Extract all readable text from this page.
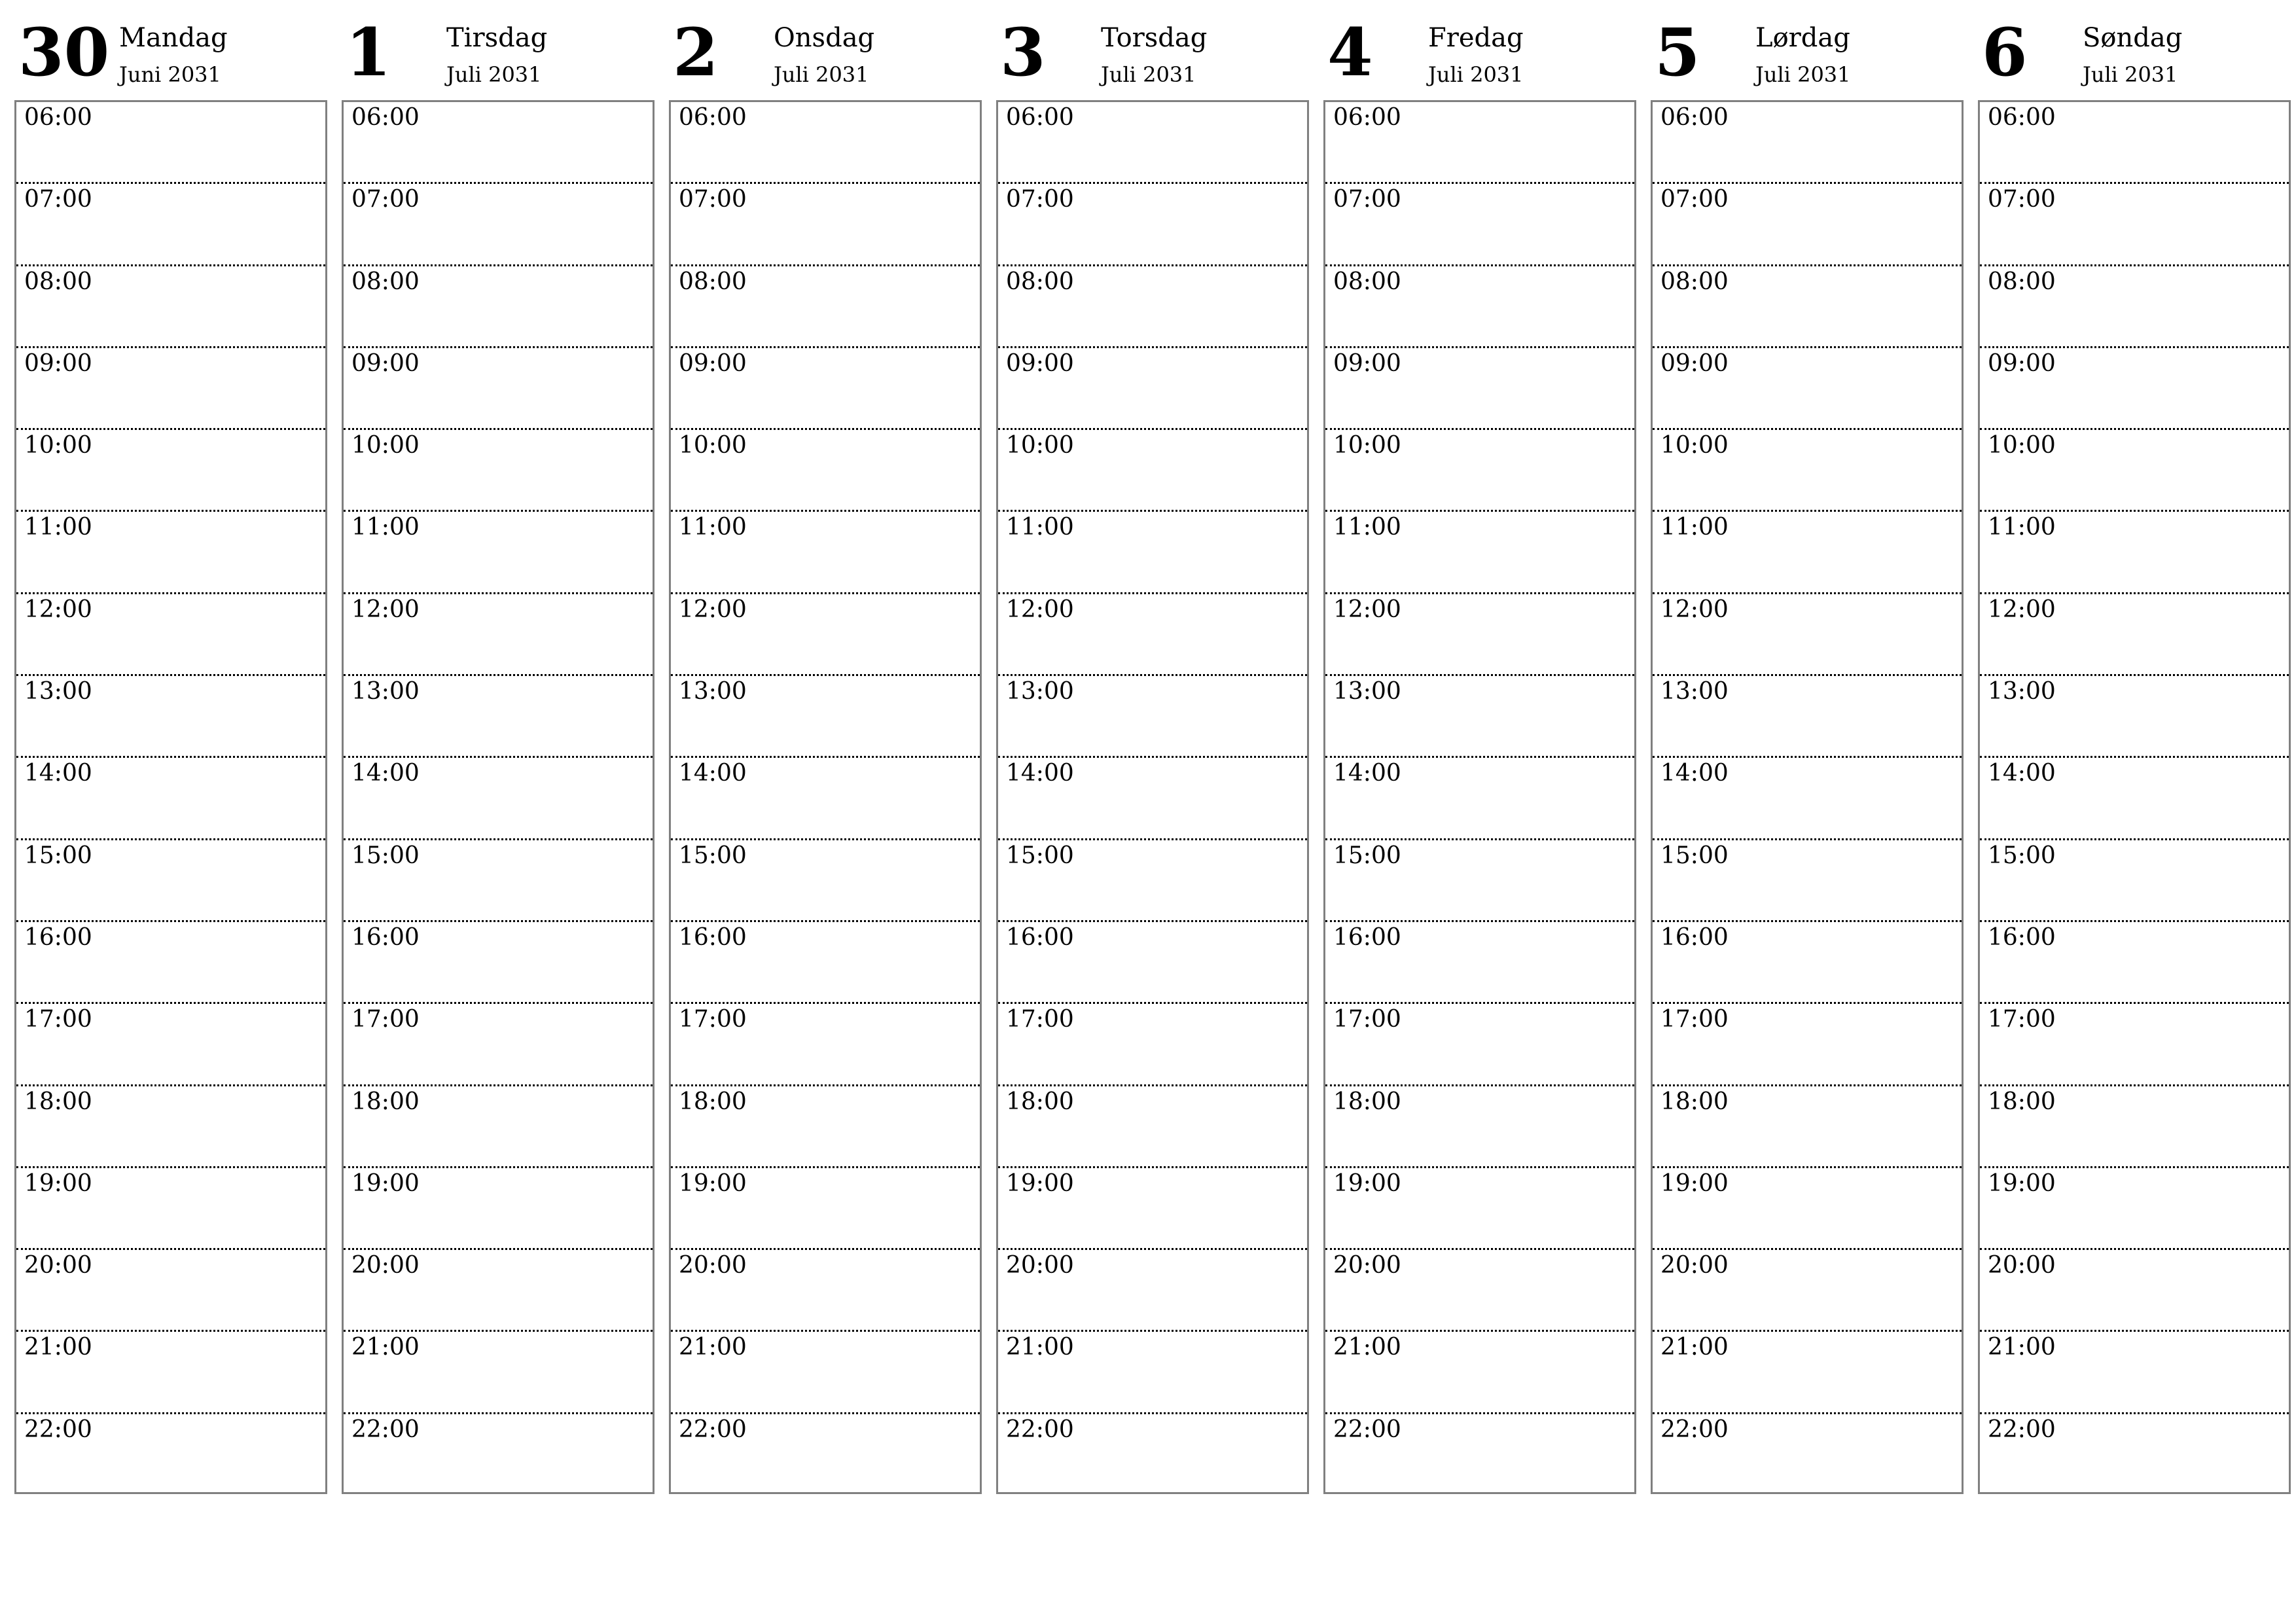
30 Mandag
Juni 2031
06:00
07:00
08:00
09:00
10:00
11:00
12:00
13:00
14:00
15:00
16:00
17:00
18:00
19:00
20:00
21:00
22:00
1 Tirsdag
Juli 2031
06:00
07:00
08:00
09:00
10:00
11:00
12:00
13:00
14:00
15:00
16:00
17:00
18:00
19:00
20:00
21:00
22:00
2 Onsdag
Juli 2031
06:00
07:00
08:00
09:00
10:00
11:00
12:00
13:00
14:00
15:00
16:00
17:00
18:00
19:00
20:00
21:00
22:00
3 Torsdag
Juli 2031
06:00
07:00
08:00
09:00
10:00
11:00
12:00
13:00
14:00
15:00
16:00
17:00
18:00
19:00
20:00
21:00
22:00
4 Fredag
Juli 2031
06:00
07:00
08:00
09:00
10:00
11:00
12:00
13:00
14:00
15:00
16:00
17:00
18:00
19:00
20:00
21:00
22:00
5 Lørdag
Juli 2031
06:00
07:00
08:00
09:00
10:00
11:00
12:00
13:00
14:00
15:00
16:00
17:00
18:00
19:00
20:00
21:00
22:00
6 Søndag
Juli 2031
06:00
07:00
08:00
09:00
10:00
11:00
12:00
13:00
14:00
15:00
16:00
17:00
18:00
19:00
20:00
21:00
22:00
